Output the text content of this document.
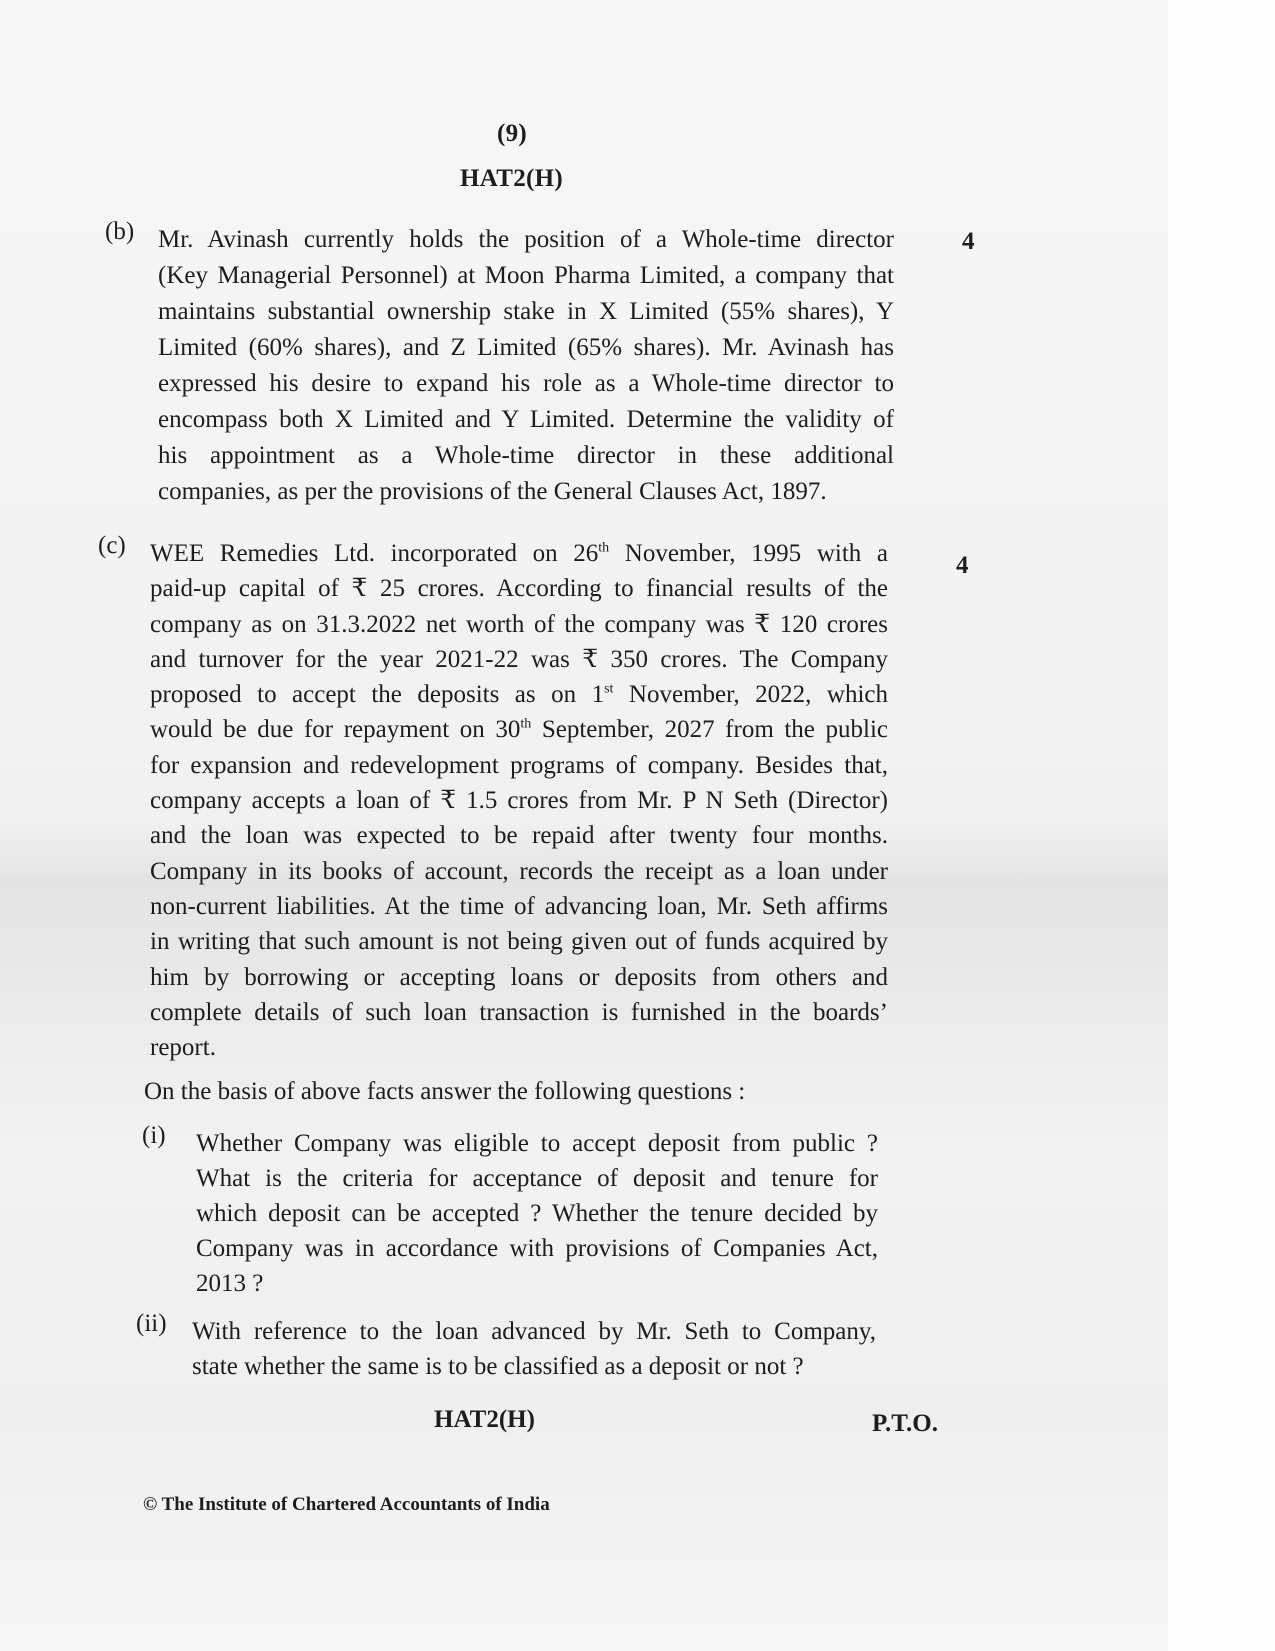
(9)
HAT2(H)
(b)	4
Mr. Avinash currently holds the position of a Whole-time director
(Key Managerial Personnel) at Moon Pharma Limited, a company that
maintains substantial ownership stake in X Limited (55% shares), Y
Limited (60% shares), and Z Limited (65% shares). Mr. Avinash has
expressed his desire to expand his role as a Whole-time director to
encompass both X Limited and Y Limited. Determine the validity of
his appointment as a Whole-time director in these additional
companies, as per the provisions of the General Clauses Act, 1897.
(c)
4
WEE Remedies Ltd. incorporated on 26th November, 1995 with a
paid-up capital of ₹ 25 crores. According to financial results of the
company as on 31.3.2022 net worth of the company was ₹ 120 crores
and turnover for the year 2021-22 was ₹ 350 crores. The Company
proposed to accept the deposits as on 1st November, 2022, which
would be due for repayment on 30th September, 2027 from the public
for expansion and redevelopment programs of company. Besides that,
company accepts a loan of ₹ 1.5 crores from Mr. P N Seth (Director)
and the loan was expected to be repaid after twenty four months.
Company in its books of account, records the receipt as a loan under
non-current liabilities. At the time of advancing loan, Mr. Seth affirms
in writing that such amount is not being given out of funds acquired by
him by borrowing or accepting loans or deposits from others and
complete details of such loan transaction is furnished in the boards’
report.
On the basis of above facts answer the following questions :
(i) Whether Company was eligible to accept deposit from public ?
What is the criteria for acceptance of deposit and tenure for
which deposit can be accepted ? Whether the tenure decided by
Company was in accordance with provisions of Companies Act,
2013 ?
(ii) With reference to the loan advanced by Mr. Seth to Company,
state whether the same is to be classified as a deposit or not ?
HAT2(H)	P.T.O.
© The Institute of Chartered Accountants of India
